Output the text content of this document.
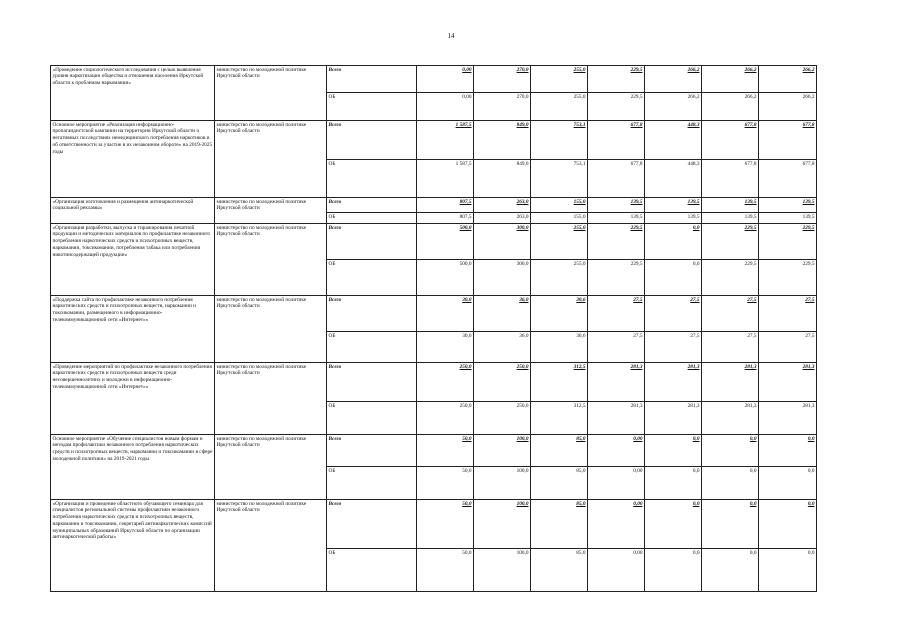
14
«Проведение социологического исследования с целью выявления уровня наркотизации общества и отношения населения Иркутской области к проблемам наркомании»	министерство по молодежной политике Иркутской области	Всего	0,00	270,0	255,0	229,5	266,2	266,2	266,2
		ОБ	0,00	270,0	255,0	229,5	266,2	266,2	266,2
Основное мероприятие «Реализация информационно-пропагандистской кампании на территории Иркутской области о негативных последствиях немедицинского потребления наркотиков и об ответственности за участие в их незаконном обороте» на 2019-2025 годы	министерство по молодежной политике Иркутской области	Всего	1 587,5	849,0	753,1	677,8	448,3	677,8	677,8
		ОБ	1 587,5	849,0	753,1	677,8	448,3	677,8	677,8
«Организация изготовления и размещения антинаркотической социальной рекламы»	министерство по молодежной политике Иркутской области	Всего	807,5	263,0	155,0	139,5	139,5	139,5	139,5
		ОБ	807,5	263,0	155,0	139,5	139,5	139,5	139,5
«Организация разработки, выпуска и тиражирования печатной продукции и методических материалов по профилактике незаконного потребления наркотических средств и психотропных веществ, наркомании, токсикомании, потребления табака или потребления никотинсодержащей продукции»	министерство по молодежной политике Иркутской области	Всего	500,0	300,0	255,0	229,5	0,0	229,5	229,5
		ОБ	500,0	300,0	255,0	229,5	0,0	229,5	229,5
«Поддержка сайта по профилактике незаконного потребления наркотических средств и психотропных веществ, наркомании и токсикомании, размещенного в информационно-телекоммуникационной сети «Интернет»»	министерство по молодежной политике Иркутской области	Всего	30,0	36,0	30,6	27,5	27,5	27,5	27,5
		ОБ	30,0	36,0	30,6	27,5	27,5	27,5	27,5
«Проведение мероприятий по профилактике незаконного потребления наркотических средств и психотропных веществ среди несовершеннолетних и молодежи в информационно-телекоммуникационной сети «Интернет»»	министерство по молодежной политике Иркутской области	Всего	250,0	250,0	312,5	281,3	281,3	281,3	281,3
		ОБ	250,0	250,0	312,5	281,3	281,3	281,3	281,3
Основное мероприятие «Обучение специалистов новым формам и методам профилактики незаконного потребления наркотических средств и психотропных веществ, наркомании и токсикомании в сфере молодежной политики» на 2019-2021 годы	министерство по молодежной политике Иркутской области	Всего	50,0	100,0	85,0	0,00	0,0	0,0	0,0
		ОБ	50,0	100,0	85,0	0,00	0,0	0,0	0,0
«Организация и проведение областного обучающего семинара для специалистов региональной системы профилактики незаконного потребления наркотических средств и психотропных веществ, наркомании и токсикомании, секретарей антинаркотических комиссий муниципальных образований Иркутской области по организации антинаркотической работы»	министерство по молодежной политике Иркутской области	Всего	50,0	100,0	85,0	0,00	0,0	0,0	0,0
		ОБ	50,0	100,0	85,0	0,00	0,0	0,0	0,0
